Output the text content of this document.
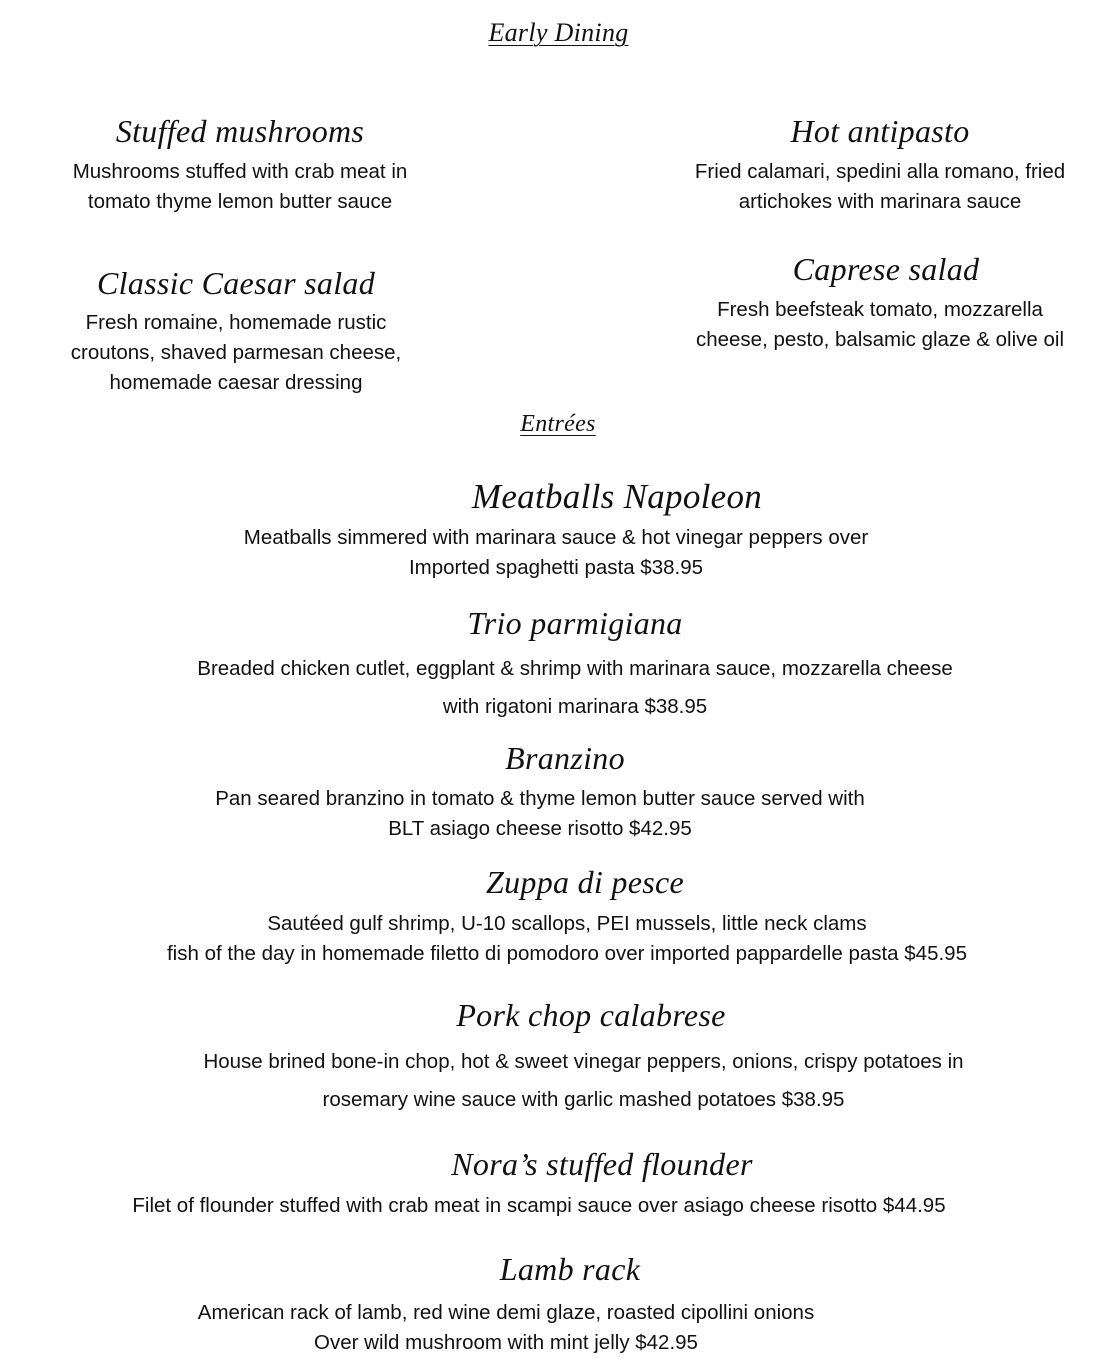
Early Dining
Stuffed mushrooms
Mushrooms stuffed with crab meat in
tomato thyme lemon butter sauce
Classic Caesar salad
Fresh romaine, homemade rustic
croutons, shaved parmesan cheese,
homemade caesar dressing
Hot antipasto
Fried calamari, spedini alla romano, fried
artichokes with marinara sauce
Caprese salad
Fresh beefsteak tomato, mozzarella
cheese, pesto, balsamic glaze & olive oil
Entrées
Meatballs Napoleon
Meatballs simmered with marinara sauce & hot vinegar peppers over
Imported spaghetti pasta $38.95
Trio parmigiana
Breaded chicken cutlet, eggplant & shrimp with marinara sauce, mozzarella cheese
with rigatoni marinara $38.95
Branzino
Pan seared branzino in tomato & thyme lemon butter sauce served with
BLT asiago cheese risotto $42.95
Zuppa di pesce
Sautéed gulf shrimp, U-10 scallops, PEI mussels, little neck clams
fish of the day in homemade filetto di pomodoro over imported pappardelle pasta $45.95
Pork chop calabrese
House brined bone-in chop, hot & sweet vinegar peppers, onions, crispy potatoes in
rosemary wine sauce with garlic mashed potatoes $38.95
Nora’s stuffed flounder
Filet of flounder stuffed with crab meat in scampi sauce over asiago cheese risotto $44.95
Lamb rack
American rack of lamb, red wine demi glaze, roasted cipollini onions
Over wild mushroom with mint jelly $42.95
